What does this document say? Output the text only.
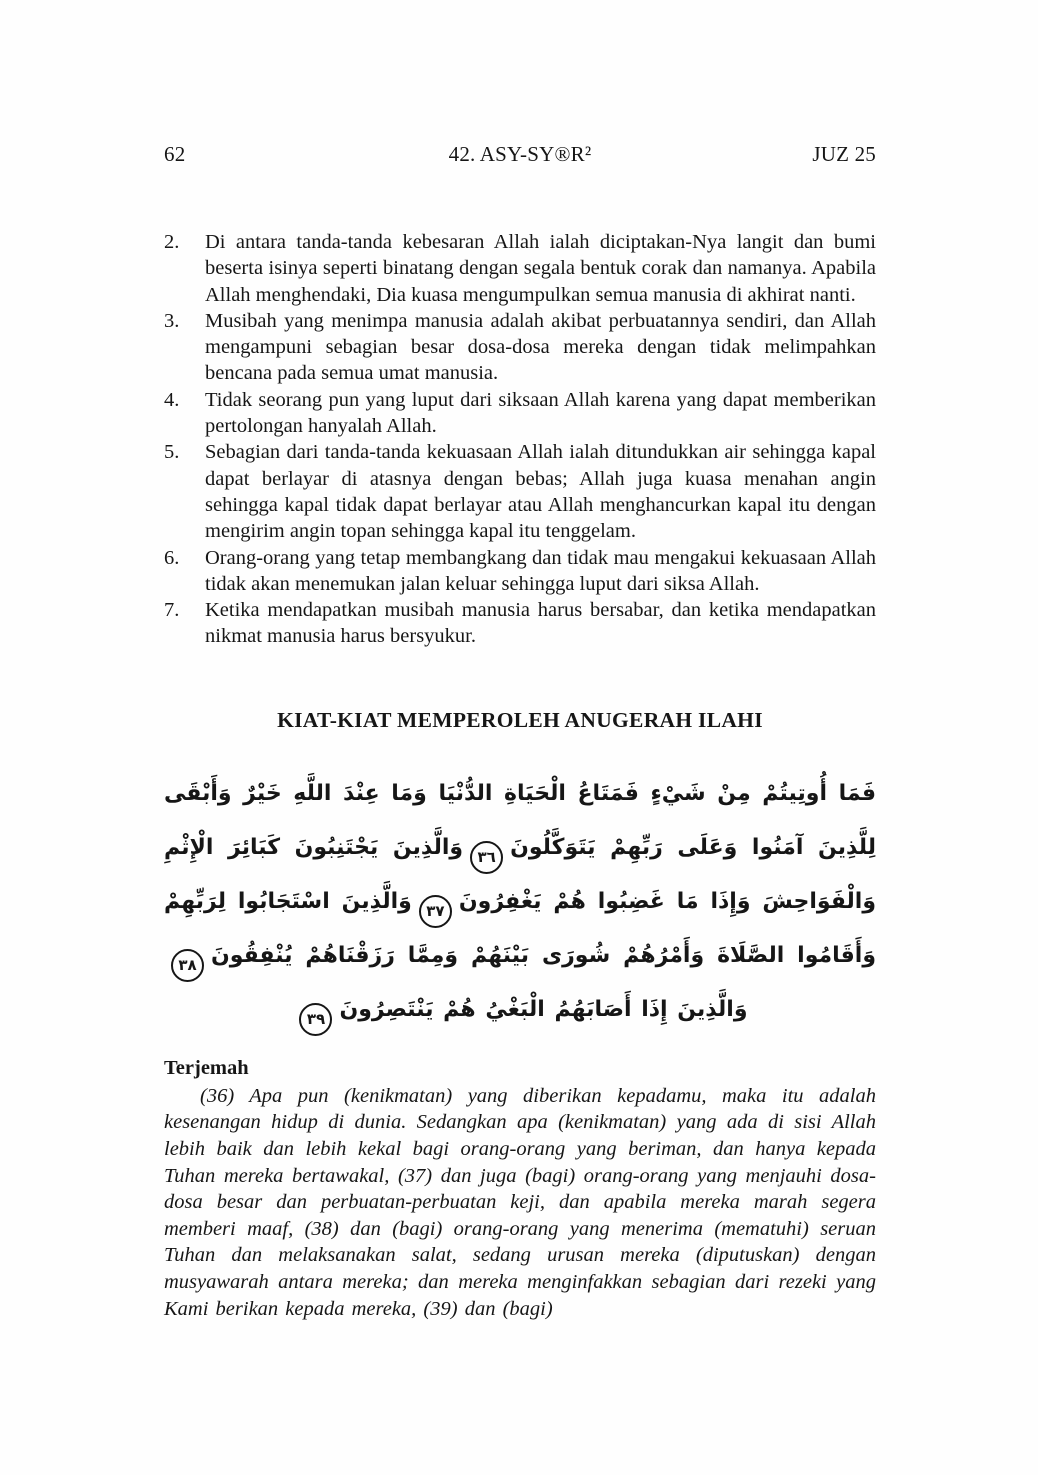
62	42. ASY-SY®R²	JUZ 25
2.	Di antara tanda-tanda kebesaran Allah ialah diciptakan-Nya langit dan bumi beserta isinya seperti binatang dengan segala bentuk corak dan namanya. Apabila Allah menghendaki, Dia kuasa mengumpulkan semua manusia di akhirat nanti.
3.	Musibah yang menimpa manusia adalah akibat perbuatannya sendiri, dan Allah mengampuni sebagian besar dosa-dosa mereka dengan tidak melimpahkan bencana pada semua umat manusia.
4.	Tidak seorang pun yang luput dari siksaan Allah karena yang dapat memberikan pertolongan hanyalah Allah.
5.	Sebagian dari tanda-tanda kekuasaan Allah ialah ditundukkan air sehingga kapal dapat berlayar di atasnya dengan bebas; Allah juga kuasa menahan angin sehingga kapal tidak dapat berlayar atau Allah menghancurkan kapal itu dengan mengirim angin topan sehingga kapal itu tenggelam.
6.	Orang-orang yang tetap membangkang dan tidak mau mengakui kekuasaan Allah tidak akan menemukan jalan keluar sehingga luput dari siksa Allah.
7.	Ketika mendapatkan musibah manusia harus bersabar, dan ketika mendapatkan nikmat manusia harus bersyukur.
KIAT-KIAT MEMPEROLEH ANUGERAH ILAHI

فَمَا أُوتِيتُمْ مِنْ شَيْءٍ فَمَتَاعُ الْحَيَاةِ الدُّنْيَا وَمَا عِنْدَ اللَّهِ خَيْرٌ وَأَبْقَى لِلَّذِينَ آمَنُوا وَعَلَى رَبِّهِمْ يَتَوَكَّلُونَ٣٦وَالَّذِينَ يَجْتَنِبُونَ كَبَائِرَ الْإِثْمِ وَالْفَوَاحِشَ وَإِذَا مَا غَضِبُوا هُمْ يَغْفِرُونَ٣٧وَالَّذِينَ اسْتَجَابُوا لِرَبِّهِمْ وَأَقَامُوا الصَّلَاةَ وَأَمْرُهُمْ شُورَى بَيْنَهُمْ وَمِمَّا رَزَقْنَاهُمْ يُنْفِقُونَ٣٨وَالَّذِينَ إِذَا أَصَابَهُمُ الْبَغْيُ هُمْ يَنْتَصِرُونَ٣٩

Terjemah

(36) Apa pun (kenikmatan) yang diberikan kepadamu, maka itu adalah kesenangan hidup di dunia. Sedangkan apa (kenikmatan) yang ada di sisi Allah lebih baik dan lebih kekal bagi orang-orang yang beriman, dan hanya kepada Tuhan mereka bertawakal, (37) dan juga (bagi) orang-orang yang menjauhi dosa-dosa besar dan perbuatan-perbuatan keji, dan apabila mereka marah segera memberi maaf, (38) dan (bagi) orang-orang yang menerima (mematuhi) seruan Tuhan dan melaksanakan salat, sedang urusan mereka (diputuskan) dengan musyawarah antara mereka; dan mereka menginfakkan sebagian dari rezeki yang Kami berikan kepada mereka, (39) dan (bagi)
